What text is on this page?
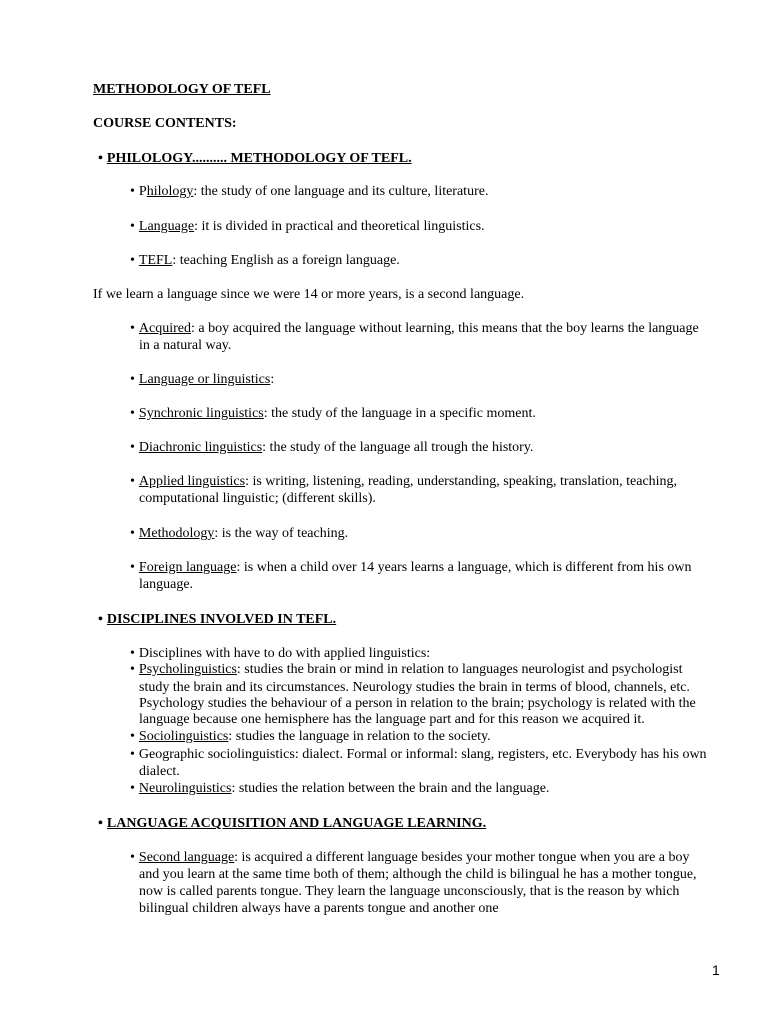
METHODOLOGY OF TEFL
COURSE CONTENTS:
• PHILOLOGY.......... METHODOLOGY OF TEFL.
• Philology: the study of one language and its culture, literature.
• Language: it is divided in practical and theoretical linguistics.
• TEFL: teaching English as a foreign language.
If we learn a language since we were 14 or more years, is a second language.
• Acquired: a boy acquired the language without learning, this means that the boy learns the language
in a natural way.
• Language or linguistics:
• Synchronic linguistics: the study of the language in a specific moment.
• Diachronic linguistics: the study of the language all trough the history.
• Applied linguistics: is writing, listening, reading, understanding, speaking, translation, teaching,
computational linguistic; (different skills).
• Methodology: is the way of teaching.
• Foreign language: is when a child over 14 years learns a language, which is different from his own
language.
• DISCIPLINES INVOLVED IN TEFL.
• Disciplines with have to do with applied linguistics:
• Psycholinguistics: studies the brain or mind in relation to languages neurologist and psychologist
study the brain and its circumstances. Neurology studies the brain in terms of blood, channels, etc.
Psychology studies the behaviour of a person in relation to the brain; psychology is related with the
language because one hemisphere has the language part and for this reason we acquired it.
• Sociolinguistics: studies the language in relation to the society.
• Geographic sociolinguistics: dialect. Formal or informal: slang, registers, etc. Everybody has his own
dialect.
• Neurolinguistics: studies the relation between the brain and the language.
• LANGUAGE ACQUISITION AND LANGUAGE LEARNING.
• Second language: is acquired a different language besides your mother tongue when you are a boy
and you learn at the same time both of them; although the child is bilingual he has a mother tongue,
now is called parents tongue. They learn the language unconsciously, that is the reason by which
bilingual children always have a parents tongue and another one
1
